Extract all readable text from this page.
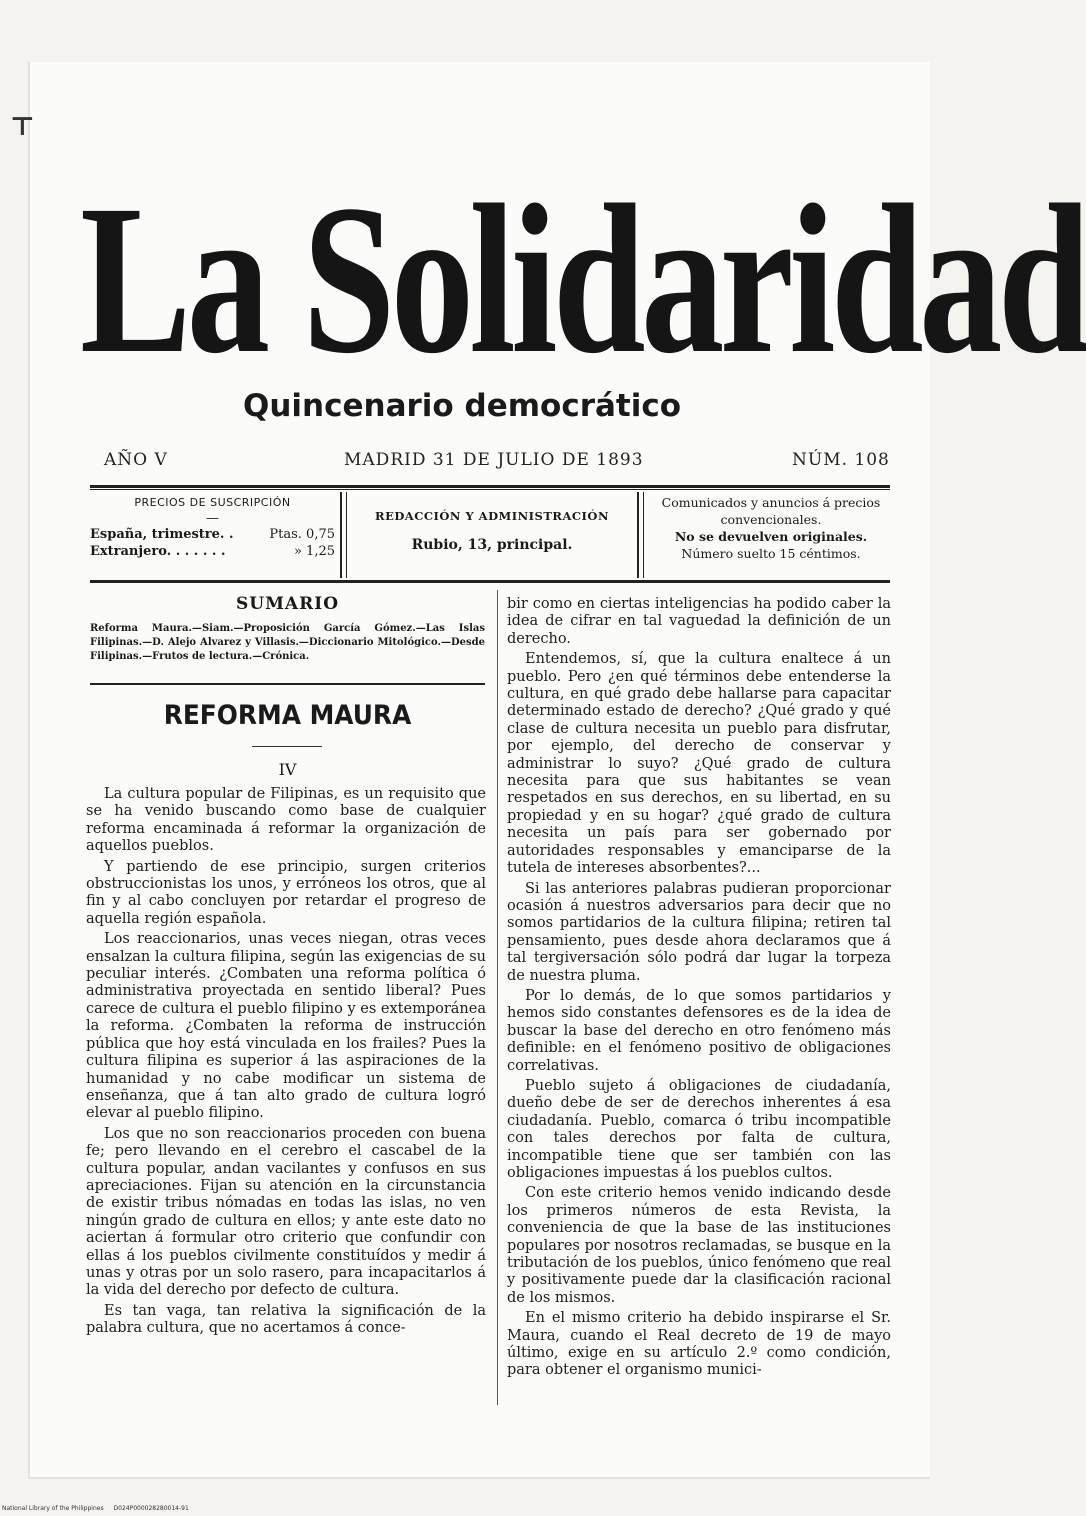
⊤
La Solidaridad
Quincenario democrático
AÑO V	MADRID 31 DE JULIO DE 1893	NÚM. 108
PRECIOS DE SUSCRIPCIÓN
—
España, trimestre. .	Ptas. 0,75
Extranjero. . . . . . .	» 1,25
REDACCIÓN Y ADMINISTRACIÓN
Rubio, 13, principal.
Comunicados y anuncios á precios convencionales.
No se devuelven originales.
Número suelto 15 céntimos.
SUMARIO
Reforma Maura.—Siam.—Proposición García Gómez.—Las Islas Filipinas.—D. Alejo Alvarez y Villasis.—Diccionario Mitológico.—Desde Filipinas.—Frutos de lectura.—Crónica.
REFORMA MAURA
IV

La cultura popular de Filipinas, es un requisito que se ha venido buscando como base de cualquier reforma encaminada á reformar la organización de aquellos pueblos.

Y partiendo de ese principio, surgen criterios obstruccionistas los unos, y erróneos los otros, que al fin y al cabo concluyen por retardar el progreso de aquella región española.

Los reaccionarios, unas veces niegan, otras veces ensalzan la cultura filipina, según las exigencias de su peculiar interés. ¿Combaten una reforma política ó administrativa proyectada en sentido liberal? Pues carece de cultura el pueblo filipino y es extemporánea la reforma. ¿Combaten la reforma de instrucción pública que hoy está vinculada en los frailes? Pues la cultura filipina es superior á las aspiraciones de la humanidad y no cabe modificar un sistema de enseñanza, que á tan alto grado de cultura logró elevar al pueblo filipino.

Los que no son reaccionarios proceden con buena fe; pero llevando en el cerebro el cascabel de la cultura popular, andan vacilantes y confusos en sus apreciaciones. Fijan su atención en la circunstancia de existir tribus nómadas en todas las islas, no ven ningún grado de cultura en ellos; y ante este dato no aciertan á formular otro criterio que confundir con ellas á los pueblos civilmente constituídos y medir á unas y otras por un solo rasero, para incapacitarlos á la vida del derecho por defecto de cultura.

Es tan vaga, tan relativa la significación de la palabra cultura, que no acertamos á conce-

bir como en ciertas inteligencias ha podido caber la idea de cifrar en tal vaguedad la definición de un derecho.

Entendemos, sí, que la cultura enaltece á un pueblo. Pero ¿en qué términos debe entenderse la cultura, en qué grado debe hallarse para capacitar determinado estado de derecho? ¿Qué grado y qué clase de cultura necesita un pueblo para disfrutar, por ejemplo, del derecho de conservar y administrar lo suyo? ¿Qué grado de cultura necesita para que sus habitantes se vean respetados en sus derechos, en su libertad, en su propiedad y en su hogar? ¿qué grado de cultura necesita un país para ser gobernado por autoridades responsables y emanciparse de la tutela de intereses absorbentes?...

Si las anteriores palabras pudieran proporcionar ocasión á nuestros adversarios para decir que no somos partidarios de la cultura filipina; retiren tal pensamiento, pues desde ahora declaramos que á tal tergiversación sólo podrá dar lugar la torpeza de nuestra pluma.

Por lo demás, de lo que somos partidarios y hemos sido constantes defensores es de la idea de buscar la base del derecho en otro fenómeno más definible: en el fenómeno positivo de obligaciones correlativas.

Pueblo sujeto á obligaciones de ciudadanía, dueño debe de ser de derechos inherentes á esa ciudadanía. Pueblo, comarca ó tribu incompatible con tales derechos por falta de cultura, incompatible tiene que ser también con las obligaciones impuestas á los pueblos cultos.

Con este criterio hemos venido indicando desde los primeros números de esta Revista, la conveniencia de que la base de las instituciones populares por nosotros reclamadas, se busque en la tributación de los pueblos, único fenómeno que real y positivamente puede dar la clasificación racional de los mismos.

En el mismo criterio ha debido inspirarse el Sr. Maura, cuando el Real decreto de 19 de mayo último, exige en su artículo 2.º como condición, para obtener el organismo munici-

National Library of the Philippines D024P000028280014-91
